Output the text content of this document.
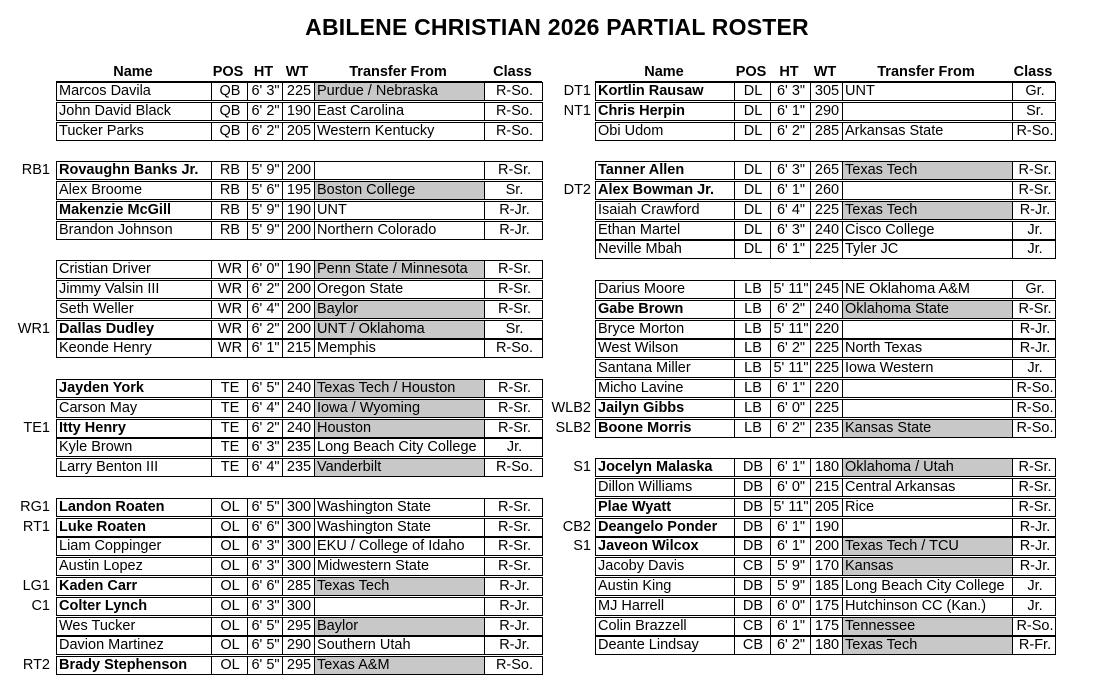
ABILENE CHRISTIAN 2026 PARTIAL ROSTER
Name	POS HT WT	Transfer From	Class
Marcos Davila	QB 6' 3" 225 Purdue / Nebraska	R-So.
John David Black	QB 6' 2" 190 East Carolina	R-So.
Tucker Parks	QB 6' 2" 205 Western Kentucky	R-So.
RB1 Rovaughn Banks Jr.	RB 5' 9" 200	R-Sr.
Alex Broome	RB 5' 6" 195 Boston College	Sr.
Makenzie McGill	RB 5' 9" 190 UNT	R-Jr.
Brandon Johnson	RB 5' 9" 200 Northern Colorado	R-Jr.
Cristian Driver	WR 6' 0" 190 Penn State / Minnesota	R-Sr.
Jimmy Valsin III	WR 6' 2" 200 Oregon State	R-Sr.
Seth Weller	WR 6' 4" 200 Baylor	R-Sr.
WR1 Dallas Dudley	WR 6' 2" 200 UNT / Oklahoma	Sr.
Keonde Henry	WR 6' 1" 215 Memphis	R-So.
Jayden York	TE 6' 5" 240 Texas Tech / Houston	R-Sr.
Carson May	TE 6' 4" 240 Iowa / Wyoming	R-Sr.
TE1 Itty Henry	TE 6' 2" 240 Houston	R-Sr.
Kyle Brown	TE 6' 3" 235 Long Beach City College	Jr.
Larry Benton III	TE 6' 4" 235 Vanderbilt	R-So.
RG1 Landon Roaten	OL 6' 5" 300 Washington State	R-Sr.
RT1 Luke Roaten	OL 6' 6" 300 Washington State	R-Sr.
Liam Coppinger	OL 6' 3" 300 EKU / College of Idaho	R-Sr.
Austin Lopez	OL 6' 3" 300 Midwestern State	R-Sr.
LG1 Kaden Carr	OL 6' 6" 285 Texas Tech	R-Jr.
C1 Colter Lynch	OL 6' 3" 300	R-Jr.
Wes Tucker	OL 6' 5" 295 Baylor	R-Jr.
Davion Martinez	OL 6' 5" 290 Southern Utah	R-Jr.
RT2 Brady Stephenson	OL 6' 5" 295 Texas A&M	R-So.
Name	POS HT	WT	Transfer From	Class
DT1 Kortlin Rausaw	DL	6' 3" 305 UNT	Gr.
NT1 Chris Herpin	DL	6' 1" 290	Sr.
Obi Udom	DL	6' 2" 285 Arkansas State	R-So.
Tanner Allen	DL	6' 3" 265 Texas Tech	R-Sr.
DT2 Alex Bowman Jr.	DL	6' 1" 260	R-Sr.
Isaiah Crawford	DL	6' 4" 225 Texas Tech	R-Jr.
Ethan Martel	DL	6' 3" 240 Cisco College	Jr.
Neville Mbah	DL	6' 1" 225 Tyler JC	Jr.
Darius Moore	LB 5' 11" 245 NE Oklahoma A&M	Gr.
Gabe Brown	LB	6' 2" 240 Oklahoma State	R-Sr.
Bryce Morton	LB 5' 11" 220	R-Jr.
West Wilson	LB	6' 2" 225 North Texas	R-Jr.
Santana Miller	LB 5' 11" 225 Iowa Western	Jr.
Micho Lavine	LB	6' 1" 220	R-So.
WLB2 Jailyn Gibbs	LB	6' 0" 225	R-So.
SLB2 Boone Morris	LB	6' 2" 235 Kansas State	R-So.
S1 Jocelyn Malaska	DB 6' 1" 180 Oklahoma / Utah	R-Sr.
Dillon Williams	DB 6' 0" 215 Central Arkansas	R-Sr.
Plae Wyatt	DB 5' 11" 205 Rice	R-Sr.
CB2 Deangelo Ponder	DB 6' 1" 190	R-Jr.
S1 Javeon Wilcox	DB 6' 1" 200 Texas Tech / TCU	R-Jr.
Jacoby Davis	CB 5' 9" 170 Kansas	R-Jr.
Austin King	DB 5' 9" 185 Long Beach City College	Jr.
MJ Harrell	DB 6' 0" 175 Hutchinson CC (Kan.)	Jr.
Colin Brazzell	CB 6' 1" 175 Tennessee	R-So.
Deante Lindsay	CB 6' 2" 180 Texas Tech	R-Fr.
